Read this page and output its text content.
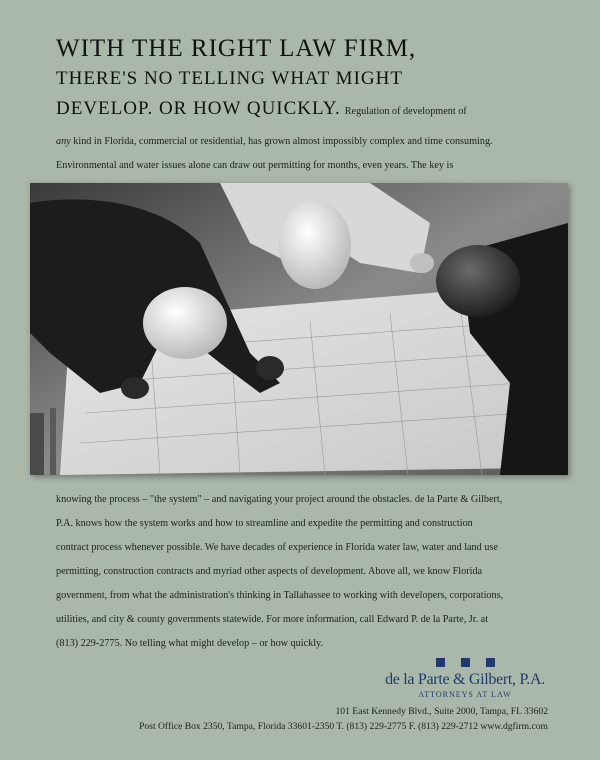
WITH THE RIGHT LAW FIRM,
THERE'S NO TELLING WHAT MIGHT
DEVELOP. OR HOW QUICKLY. Regulation of development of

any kind in Florida, commercial or residential, has grown almost impossibly complex and time consuming.

Environmental and water issues alone can draw out permitting for months, even years. The key is

knowing the process – "the system" – and navigating your project around the obstacles. de la Parte & Gilbert,

P.A. knows how the system works and how to streamline and expedite the permitting and construction

contract process whenever possible. We have decades of experience in Florida water law, water and land use

permitting, construction contracts and myriad other aspects of development. Above all, we know Florida

government, from what the administration's thinking in Tallahassee to working with developers, corporations,

utilities, and city & county governments statewide. For more information, call Edward P. de la Parte, Jr. at

(813) 229-2775. No telling what might develop – or how quickly.

de la Parte & Gilbert, P.A.
ATTORNEYS AT LAW
101 East Kennedy Blvd., Suite 2000, Tampa, FL 33602
Post Office Box 2350, Tampa, Florida 33601-2350 T. (813) 229-2775 F. (813) 229-2712 www.dgfirm.com
